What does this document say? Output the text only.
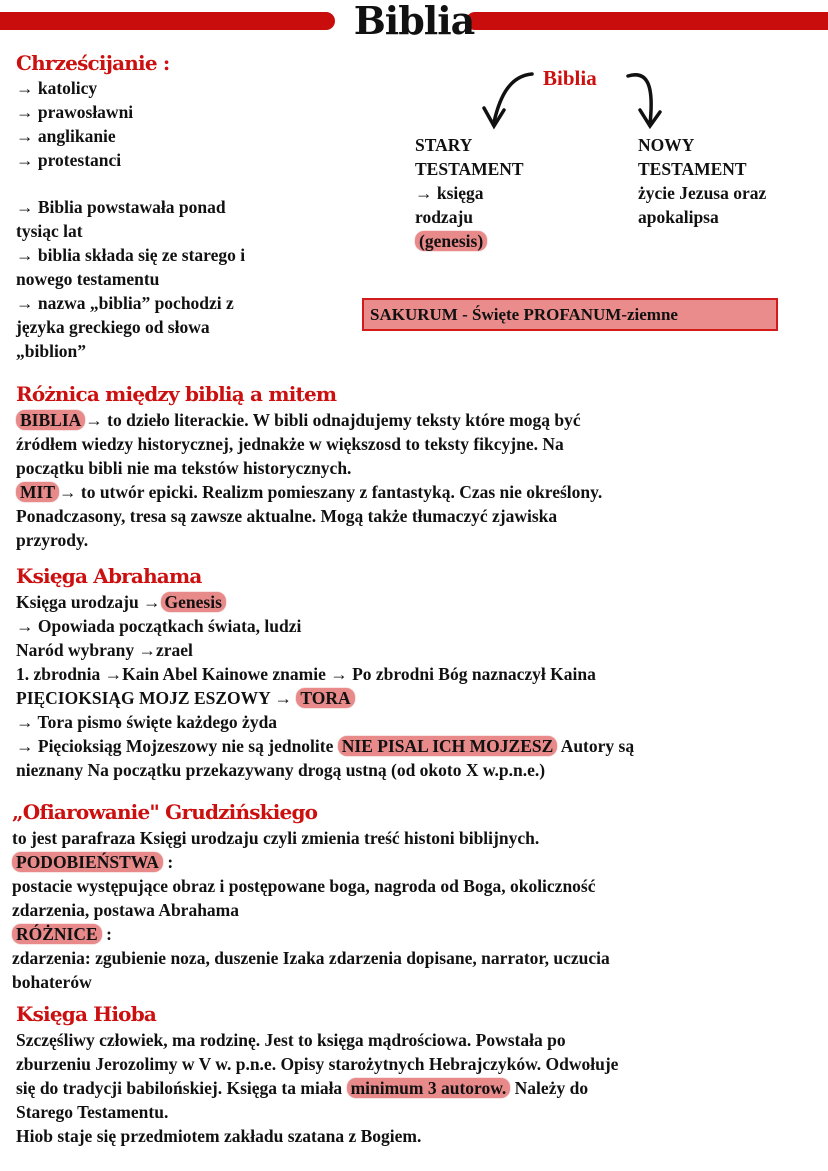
Biblia
Chrześcijanie :
→ katolicy
→ prawosławni
→ anglikanie
→ protestanci
→ Biblia powstawała ponad
tysiąc lat
→ biblia składa się ze starego i
nowego testamentu
→ nazwa „biblia” pochodzi z
języka greckiego od słowa
„biblion”
Biblia
STARY
TESTAMENT
→ księga
rodzaju
(genesis)
NOWY
TESTAMENT
życie Jezusa oraz
apokalipsa
SAKURUM - Święte PROFANUM-ziemne
Różnica między biblią a mitem
BIBLIA → to dzieło literackie. W bibli odnajdujemy teksty które mogą być
źródłem wiedzy historycznej, jednakże w większosd to teksty fikcyjne. Na
początku bibli nie ma tekstów historycznych.
MIT → to utwór epicki. Realizm pomieszany z fantastyką. Czas nie określony.
Ponadczasony, tresa są zawsze aktualne. Mogą także tłumaczyć zjawiska
przyrody.
Księga Abrahama
Księga urodzaju → Genesis
→ Opowiada początkach świata, ludzi
Naród wybrany →zrael
1. zbrodnia →Kain Abel Kainowe znamie → Po zbrodni Bóg naznaczył Kaina
PIĘCIOKSIĄG MOJZ ESZOWY → TORA
→ Tora pismo święte każdego żyda
→ Pięcioksiąg Mojzeszowy nie są jednolite NIE PISAL ICH MOJZESZ Autory są
nieznany Na początku przekazywany drogą ustną (od okoto X w.p.n.e.)
„Ofiarowanie" Grudzińskiego
to jest parafraza Księgi urodzaju czyli zmienia treść histoni biblijnych.
PODOBIEŃSTWA :
postacie występujące obraz i postępowane boga, nagroda od Boga, okoliczność
zdarzenia, postawa Abrahama
RÓŻNICE :
zdarzenia: zgubienie noza, duszenie Izaka zdarzenia dopisane, narrator, uczucia
bohaterów
Księga Hioba
Szczęśliwy człowiek, ma rodzinę. Jest to księga mądrościowa. Powstała po
zburzeniu Jerozolimy w V w. p.n.e. Opisy starożytnych Hebrajczyków. Odwołuje
się do tradycji babilońskiej. Księga ta miała minimum 3 autorow. Należy do
Starego Testamentu.
Hiob staje się przedmiotem zakładu szatana z Bogiem.
